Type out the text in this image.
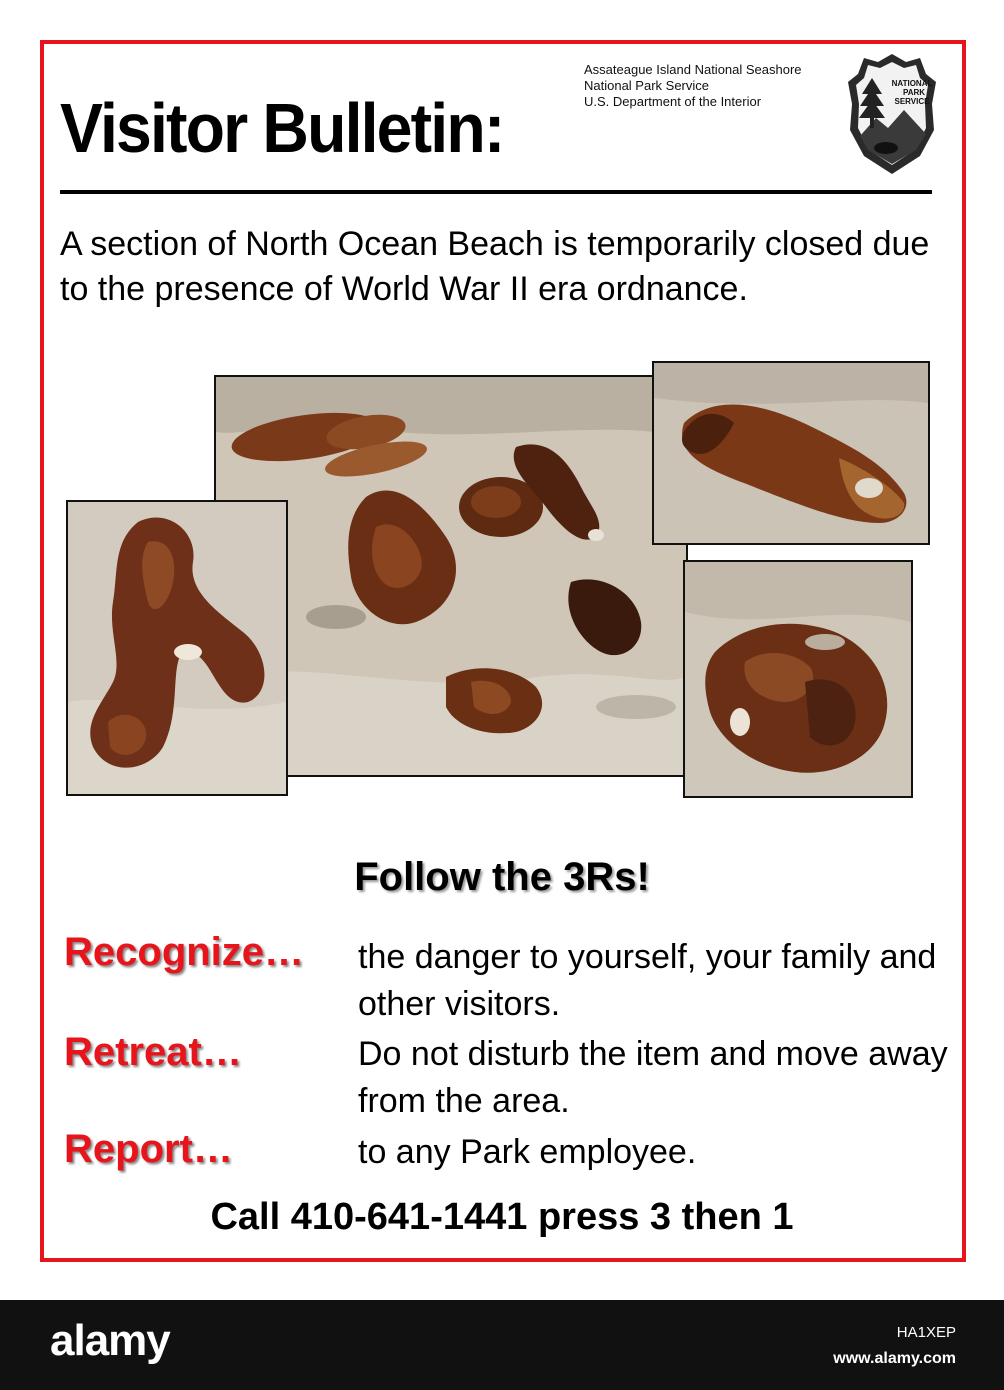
Assateague Island National Seashore
National Park Service
U.S. Department of the Interior
NATIONAL
PARK
SERVICE
Visitor Bulletin:
A section of North Ocean Beach is temporarily closed due to the presence of World War II era ordnance.
Follow the 3Rs!
Recognize… the danger to yourself, your family and other visitors.
Retreat…	Do not disturb the item and move away from the area.
Report…	to any Park employee.
Call 410-641-1441 press 3 then 1
alamy	HA1XEP
www.alamy.com
